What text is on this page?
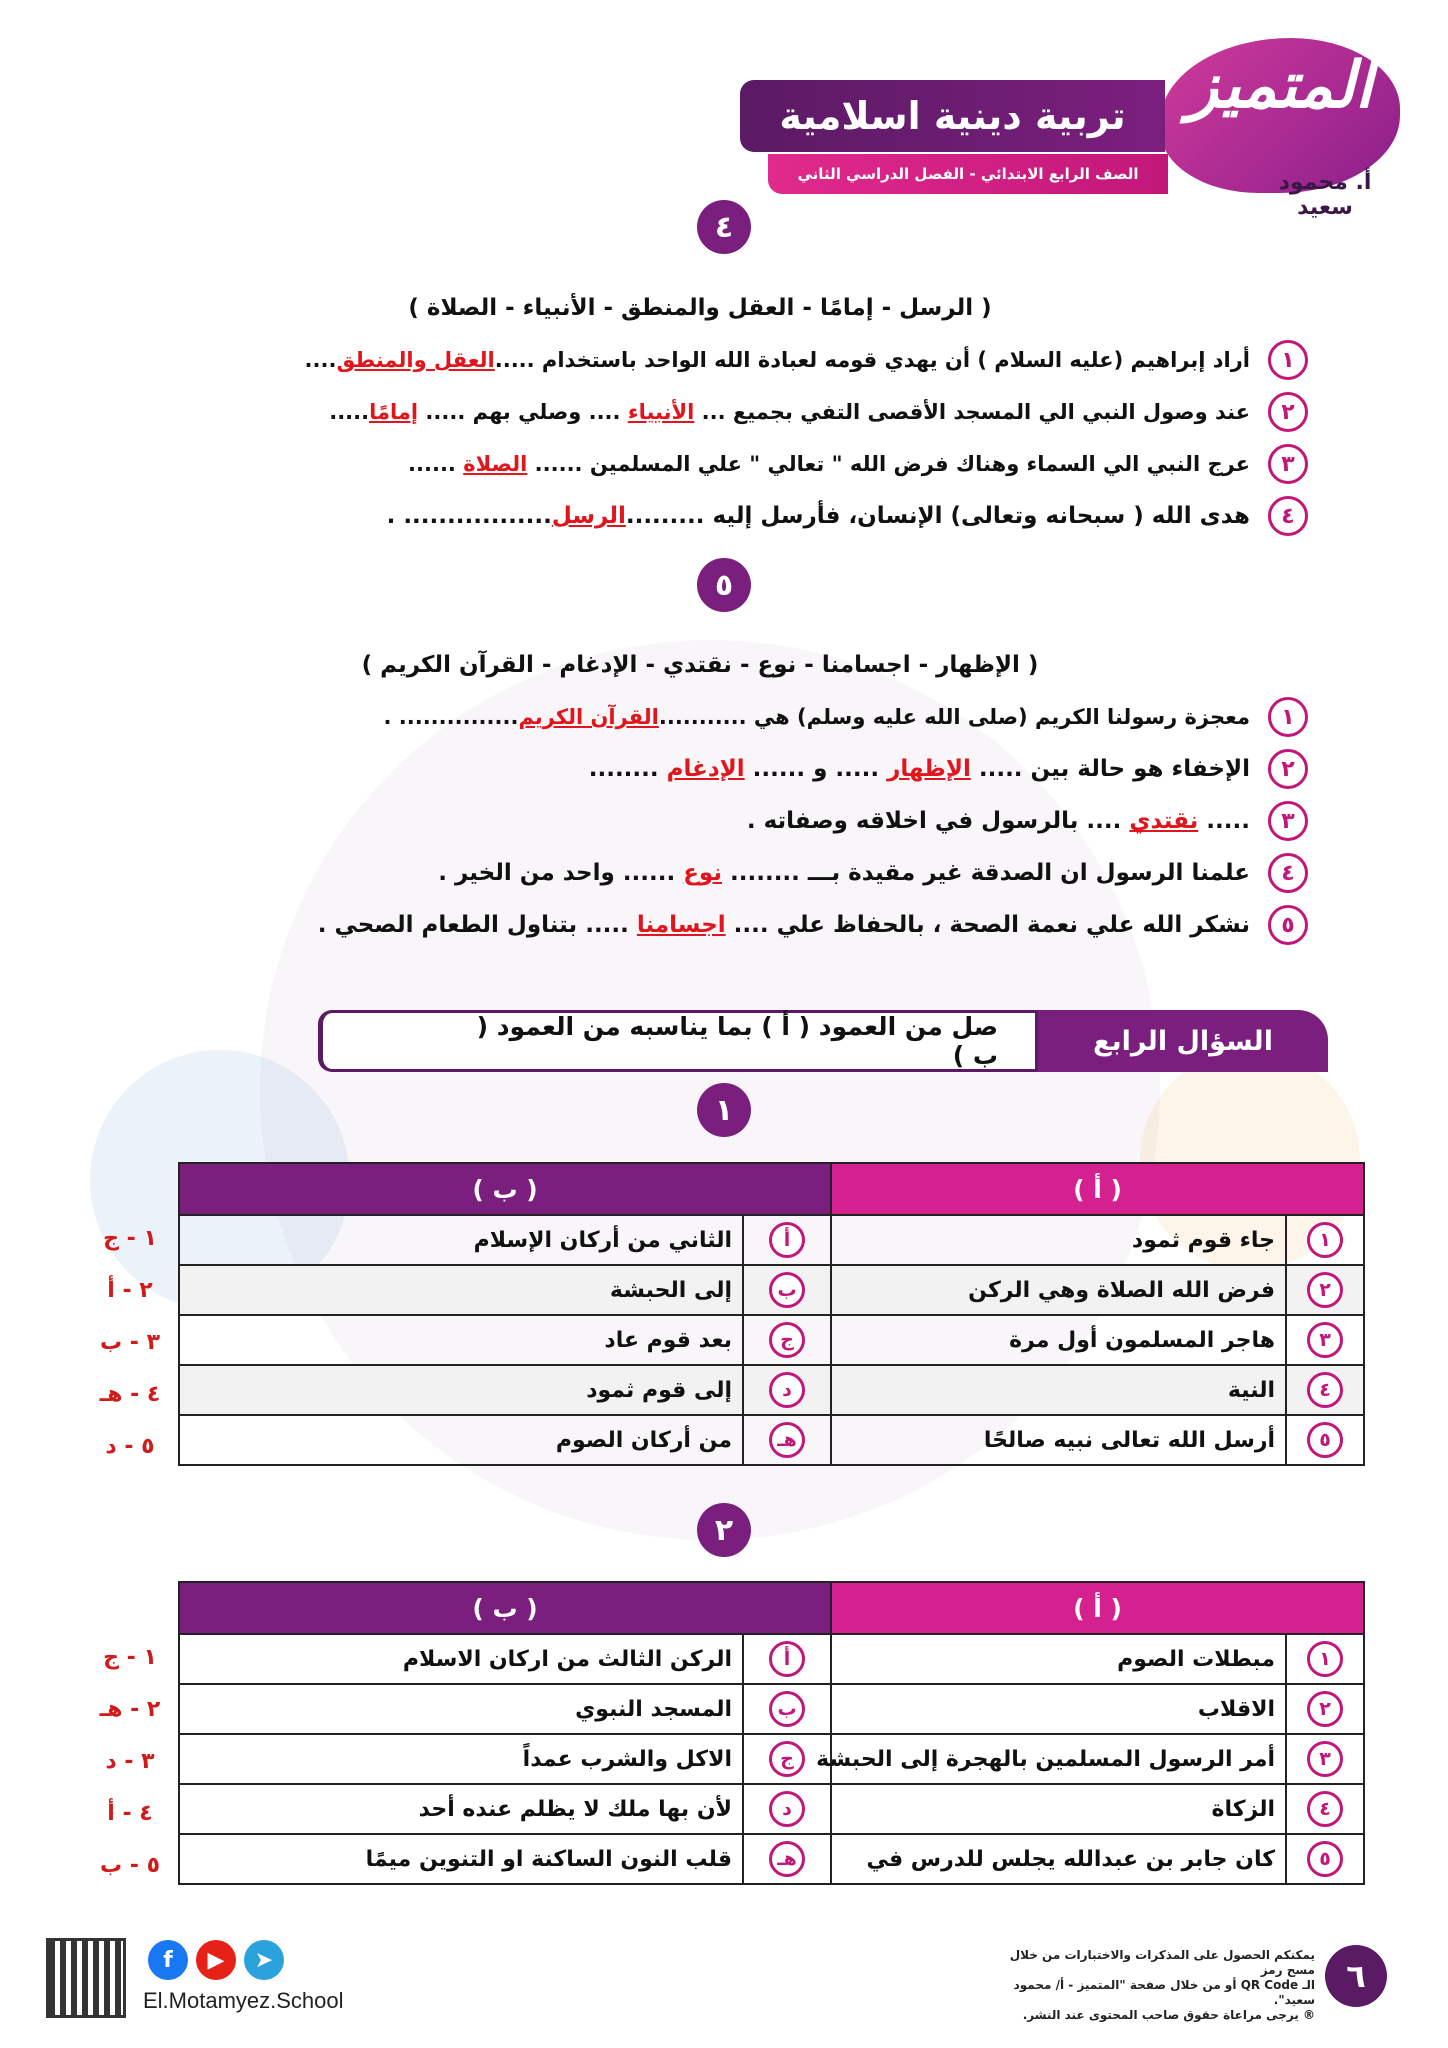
المتميز
أ. محمود سعيد
تربية دينية اسلامية
الصف الرابع الابتدائي - الفصل الدراسي الثاني
٤
( الرسل - إمامًا - العقل والمنطق - الأنبياء - الصلاة )
١
أراد إبراهيم (عليه السلام ) أن يهدي قومه لعبادة الله الواحد باستخدام .....العقل والمنطق....
٢
عند وصول النبي الي المسجد الأقصى التفي بجميع ... الأنبياء .... وصلي بهم ..... إمامًا.....
٣
عرج النبي الي السماء وهناك فرض الله " تعالي " علي المسلمين ...... الصلاة ......
٤
هدى الله ( سبحانه وتعالى) الإنسان، فأرسل إليه .........الرسل................. .
٥
( الإظهار - اجسامنا - نوع - نقتدي - الإدغام - القرآن الكريم )
١
معجزة رسولنا الكريم (صلى الله عليه وسلم) هي ...........القرآن الكريم............... .
٢
الإخفاء هو حالة بين ..... الإظهار ..... و ...... الإدغام ........
٣
..... نقتدي .... بالرسول في اخلاقه وصفاته .
٤
علمنا الرسول ان الصدقة غير مقيدة بـــ ........ نوع ...... واحد من الخير .
٥
نشكر الله علي نعمة الصحة ، بالحفاظ علي .... اجسامنا ..... بتناول الطعام الصحي .
صل من العمود ( أ ) بما يناسبه من العمود ( ب )	السؤال الرابع
١
( أ )		( ب )	

١	جاء قوم ثمود	أ	الثاني من أركان الإسلام

٢	فرض الله الصلاة وهي الركن	ب	إلى الحبشة

٣	هاجر المسلمون أول مرة	ج	بعد قوم عاد

٤	النية	د	إلى قوم ثمود

٥	أرسل الله تعالى نبيه صالحًا	هـ	من أركان الصوم
١ - ج
٢ - أ
٣ - ب
٤ - هـ
٥ - د
٢
( أ )		( ب )	

١	مبطلات الصوم	أ	الركن الثالث من اركان الاسلام

٢	الاقلاب	ب	المسجد النبوي

٣	أمر الرسول المسلمين بالهجرة إلى الحبشة	ج	الاكل والشرب عمداً

٤	الزكاة	د	لأن بها ملك لا يظلم عنده أحد

٥	كان جابر بن عبدالله يجلس للدرس في	هـ	قلب النون الساكنة او التنوين ميمًا
١ - ج
٢ - هـ
٣ - د
٤ - أ
٥ - ب
f	▶	➤
El.Motamyez.School
يمكنكم الحصول على المذكرات والاختبارات من خلال مسح رمز
الـ QR Code أو من خلال صفحة "المتميز - أ/ محمود سعيد".
® يرجى مراعاة حقوق صاحب المحتوى عند النشر.
٦
